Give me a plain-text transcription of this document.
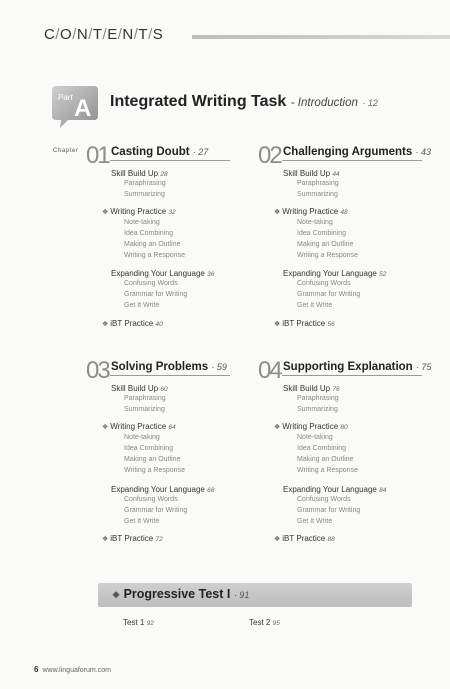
C/O/N/T/E/N/T/S
Part A Integrated Writing Task - Introduction · 12
Chapter 01 Casting Doubt · 27
Skill Build Up 28
Paraphrasing
Summarizing
❖ Writing Practice 32
Note-taking
Idea Combining
Making an Outline
Writing a Response
Expanding Your Language 36
Confusing Words
Grammar for Writing
Get It Write
❖ iBT Practice 40
02 Challenging Arguments · 43
Skill Build Up 44
Paraphrasing
Summarizing
❖ Writing Practice 48
Note-taking
Idea Combining
Making an Outline
Writing a Response
Expanding Your Language 52
Confusing Words
Grammar for Writing
Get It Write
❖ iBT Practice 56
03 Solving Problems · 59
Skill Build Up 60
Paraphrasing
Summarizing
❖ Writing Practice 64
Note-taking
Idea Combining
Making an Outline
Writing a Response
Expanding Your Language 68
Confusing Words
Grammar for Writing
Get It Write
❖ iBT Practice 72
04 Supporting Explanation · 75
Skill Build Up 76
Paraphrasing
Summarizing
❖ Writing Practice 80
Note-taking
Idea Combining
Making an Outline
Writing a Response
Expanding Your Language 84
Confusing Words
Grammar for Writing
Get It Write
❖ iBT Practice 88
❖ Progressive Test I · 91
Test 1 92	Test 2 95
6 www.linguaforum.com
